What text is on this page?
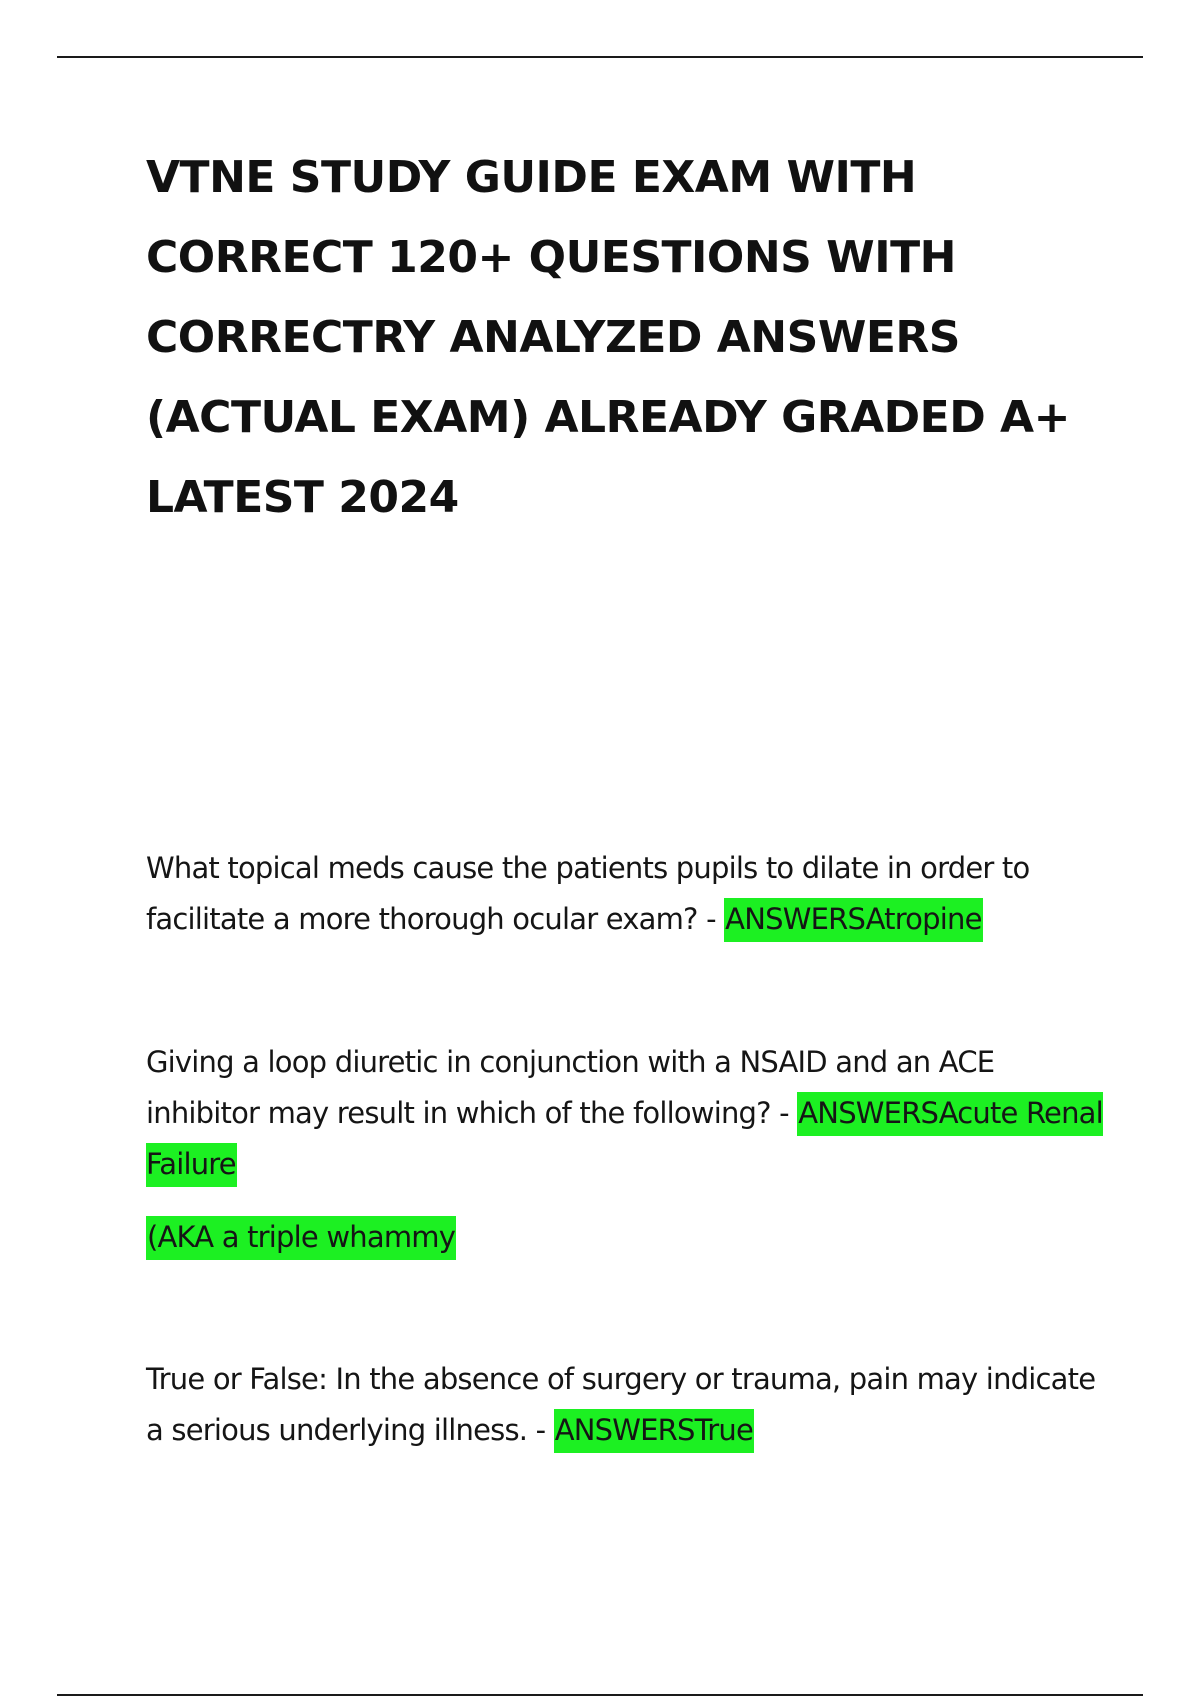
VTNE STUDY GUIDE EXAM WITH CORRECT 120+ QUESTIONS WITH CORRECTRY ANALYZED ANSWERS (ACTUAL EXAM) ALREADY GRADED A+ LATEST 2024

What topical meds cause the patients pupils to dilate in order to facilitate a more thorough ocular exam? - ANSWERSAtropine

Giving a loop diuretic in conjunction with a NSAID and an ACE inhibitor may result in which of the following? - ANSWERSAcute Renal Failure

(AKA a triple whammy

True or False: In the absence of surgery or trauma, pain may indicate a serious underlying illness. - ANSWERSTrue
